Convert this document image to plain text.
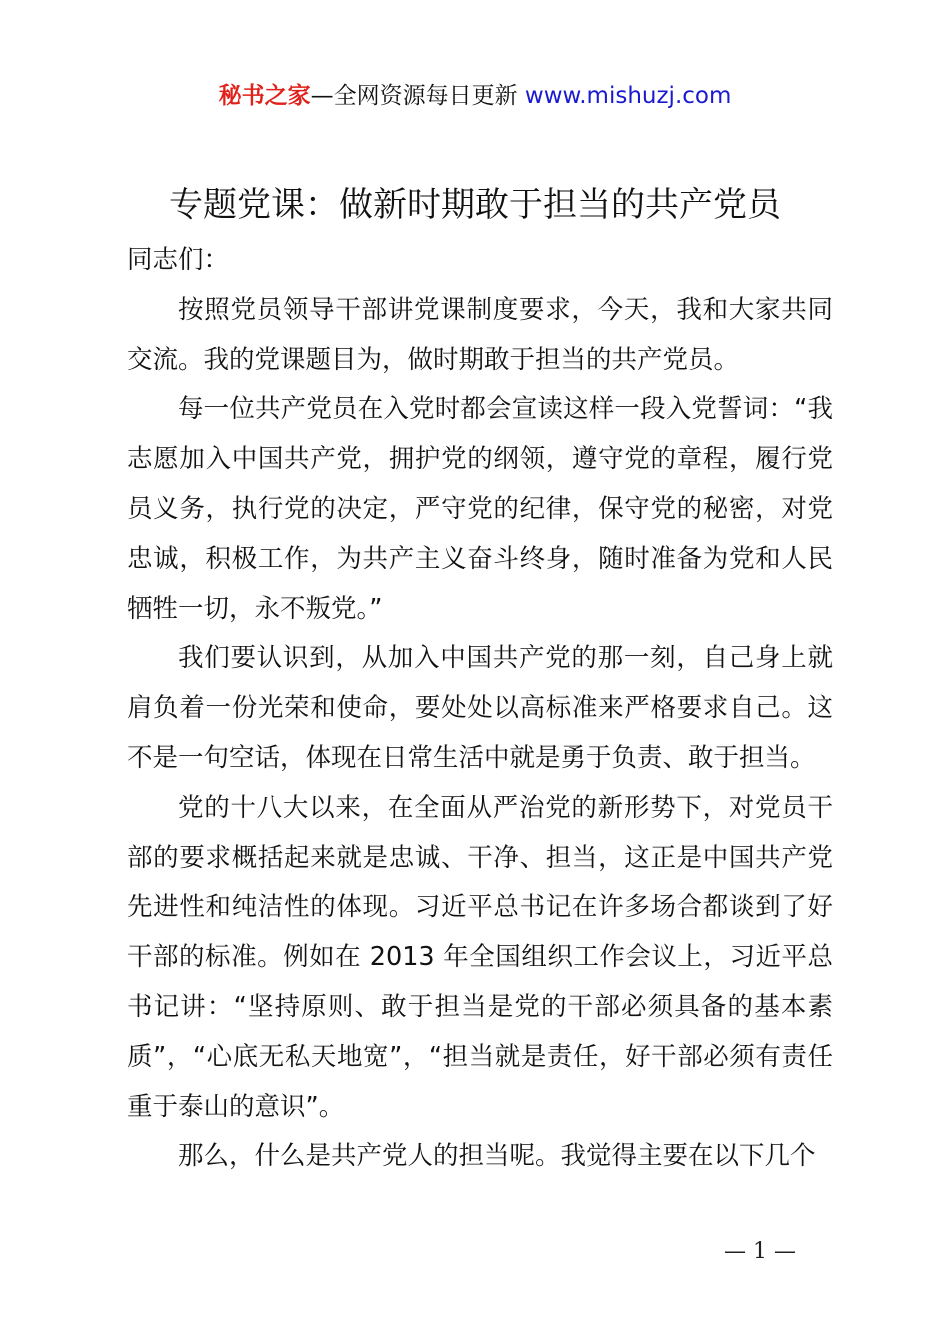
秘书之家—全网资源每日更新 www.mishuzj.com
专题党课：做新时期敢于担当的共产党员

同志们：

按照党员领导干部讲党课制度要求，今天，我和大家共同交流。我的党课题目为，做时期敢于担当的共产党员。

每一位共产党员在入党时都会宣读这样一段入党誓词：“我志愿加入中国共产党，拥护党的纲领，遵守党的章程，履行党员义务，执行党的决定，严守党的纪律，保守党的秘密，对党忠诚，积极工作，为共产主义奋斗终身，随时准备为党和人民牺牲一切，永不叛党。”

我们要认识到，从加入中国共产党的那一刻，自己身上就肩负着一份光荣和使命，要处处以高标准来严格要求自己。这不是一句空话，体现在日常生活中就是勇于负责、敢于担当。

党的十八大以来，在全面从严治党的新形势下，对党员干部的要求概括起来就是忠诚、干净、担当，这正是中国共产党先进性和纯洁性的体现。习近平总书记在许多场合都谈到了好干部的标准。例如在 2013 年全国组织工作会议上，习近平总书记讲：“坚持原则、敢于担当是党的干部必须具备的基本素质”，“心底无私天地宽”，“担当就是责任，好干部必须有责任重于泰山的意识”。

那么，什么是共产党人的担当呢。我觉得主要在以下几个

— 1 —
